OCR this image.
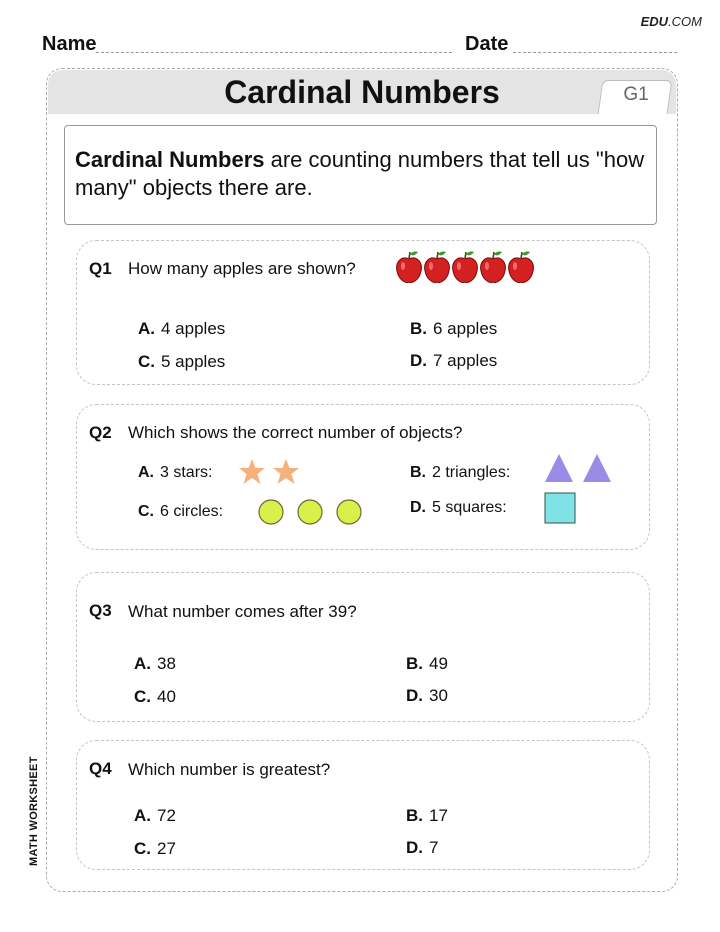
EDU.COM
Name	Date
Cardinal Numbers	G1
Cardinal Numbers are counting numbers that tell us "how many" objects there are.
Q1 How many apples are shown?
A. 4 apples	B. 6 apples
C. 5 apples	D. 7 apples
Q2 Which shows the correct number of objects?
A. 3 stars:	B. 2 triangles:
C. 6 circles:	D. 5 squares:
Q3 What number comes after 39?
A. 38	B. 49
C. 40	D. 30
Q4 Which number is greatest?
A. 72	B. 17
C. 27	D. 7
MATH WORKSHEET
